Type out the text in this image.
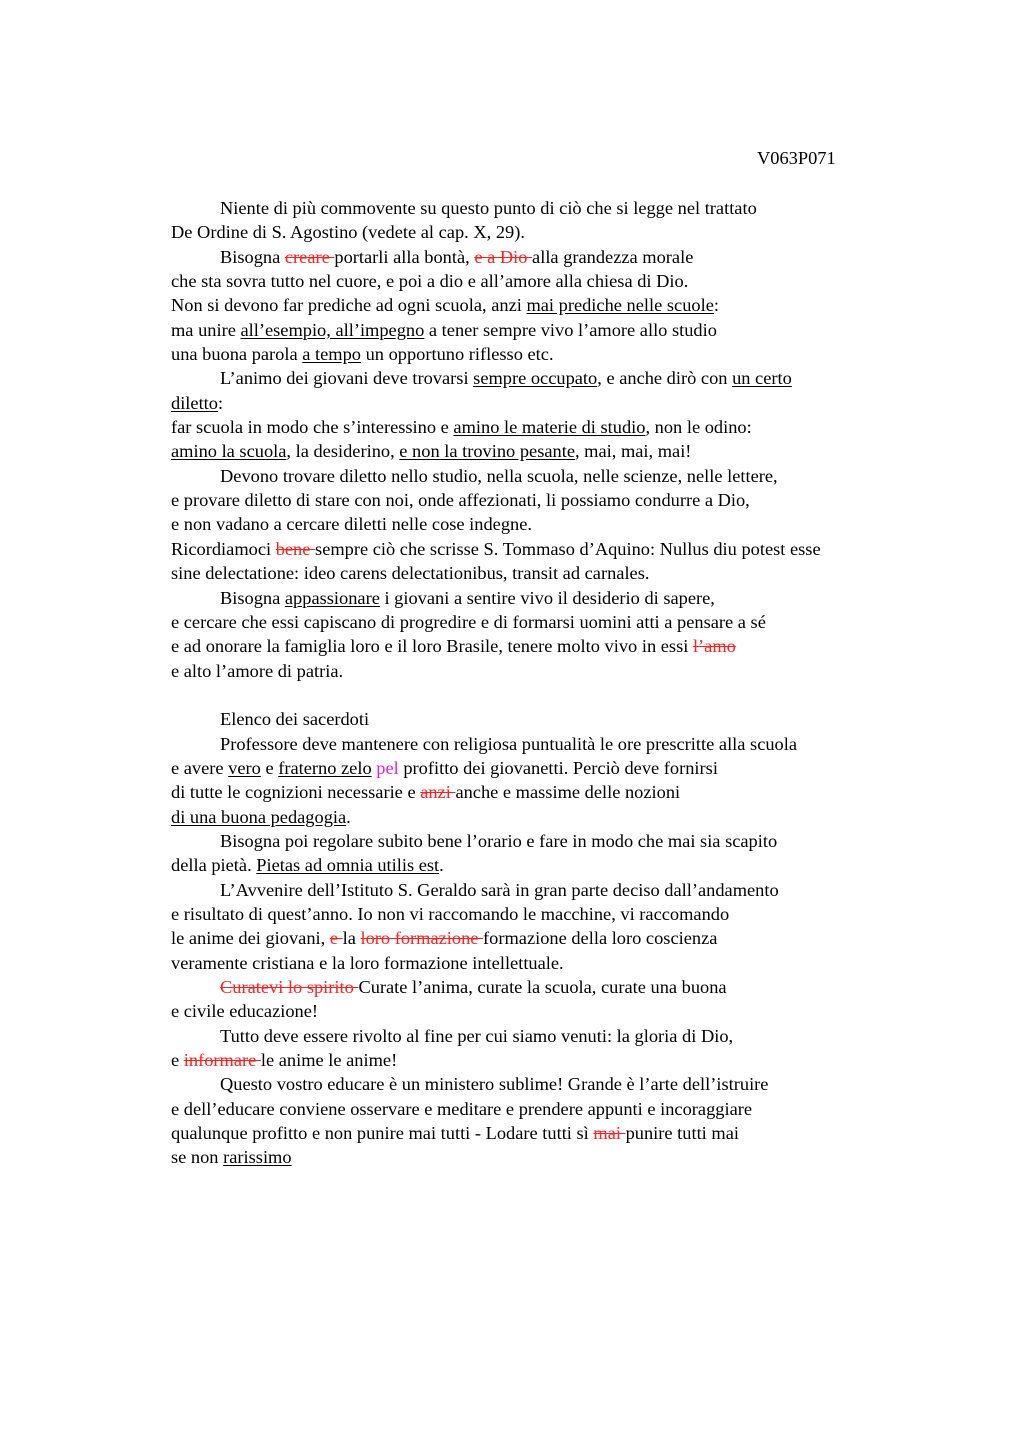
V063P071
Niente di più commovente su questo punto di ciò che si legge nel trattato
De Ordine di S. Agostino (vedete al cap. X, 29).
Bisogna creare portarli alla bontà, e a Dio alla grandezza morale
che sta sovra tutto nel cuore, e poi a dio e all’amore alla chiesa di Dio.
Non si devono far prediche ad ogni scuola, anzi mai prediche nelle scuole:
ma unire all’esempio, all’impegno a tener sempre vivo l’amore allo studio
una buona parola a tempo un opportuno riflesso etc.
L’animo dei giovani deve trovarsi sempre occupato, e anche dirò con un certo
diletto:
far scuola in modo che s’interessino e amino le materie di studio, non le odino:
amino la scuola, la desiderino, e non la trovino pesante, mai, mai, mai!
Devono trovare diletto nello studio, nella scuola, nelle scienze, nelle lettere,
e provare diletto di stare con noi, onde affezionati, li possiamo condurre a Dio,
e non vadano a cercare diletti nelle cose indegne.
Ricordiamoci bene sempre ciò che scrisse S. Tommaso d’Aquino: Nullus diu potest esse
sine delectatione: ideo carens delectationibus, transit ad carnales.
Bisogna appassionare i giovani a sentire vivo il desiderio di sapere,
e cercare che essi capiscano di progredire e di formarsi uomini atti a pensare a sé
e ad onorare la famiglia loro e il loro Brasile, tenere molto vivo in essi l’amo
e alto l’amore di patria.
Elenco dei sacerdoti
Professore deve mantenere con religiosa puntualità le ore prescritte alla scuola
e avere vero e fraterno zelo pel profitto dei giovanetti. Perciò deve fornirsi
di tutte le cognizioni necessarie e anzi anche e massime delle nozioni
di una buona pedagogia.
Bisogna poi regolare subito bene l’orario e fare in modo che mai sia scapito
della pietà. Pietas ad omnia utilis est.
L’Avvenire dell’Istituto S. Geraldo sarà in gran parte deciso dall’andamento
e risultato di quest’anno. Io non vi raccomando le macchine, vi raccomando
le anime dei giovani, e la loro formazione formazione della loro coscienza
veramente cristiana e la loro formazione intellettuale.
Curatevi lo spirito Curate l’anima, curate la scuola, curate una buona
e civile educazione!
Tutto deve essere rivolto al fine per cui siamo venuti: la gloria di Dio,
e informare le anime le anime!
Questo vostro educare è un ministero sublime! Grande è l’arte dell’istruire
e dell’educare conviene osservare e meditare e prendere appunti e incoraggiare
qualunque profitto e non punire mai tutti - Lodare tutti sì mai punire tutti mai
se non rarissimo
